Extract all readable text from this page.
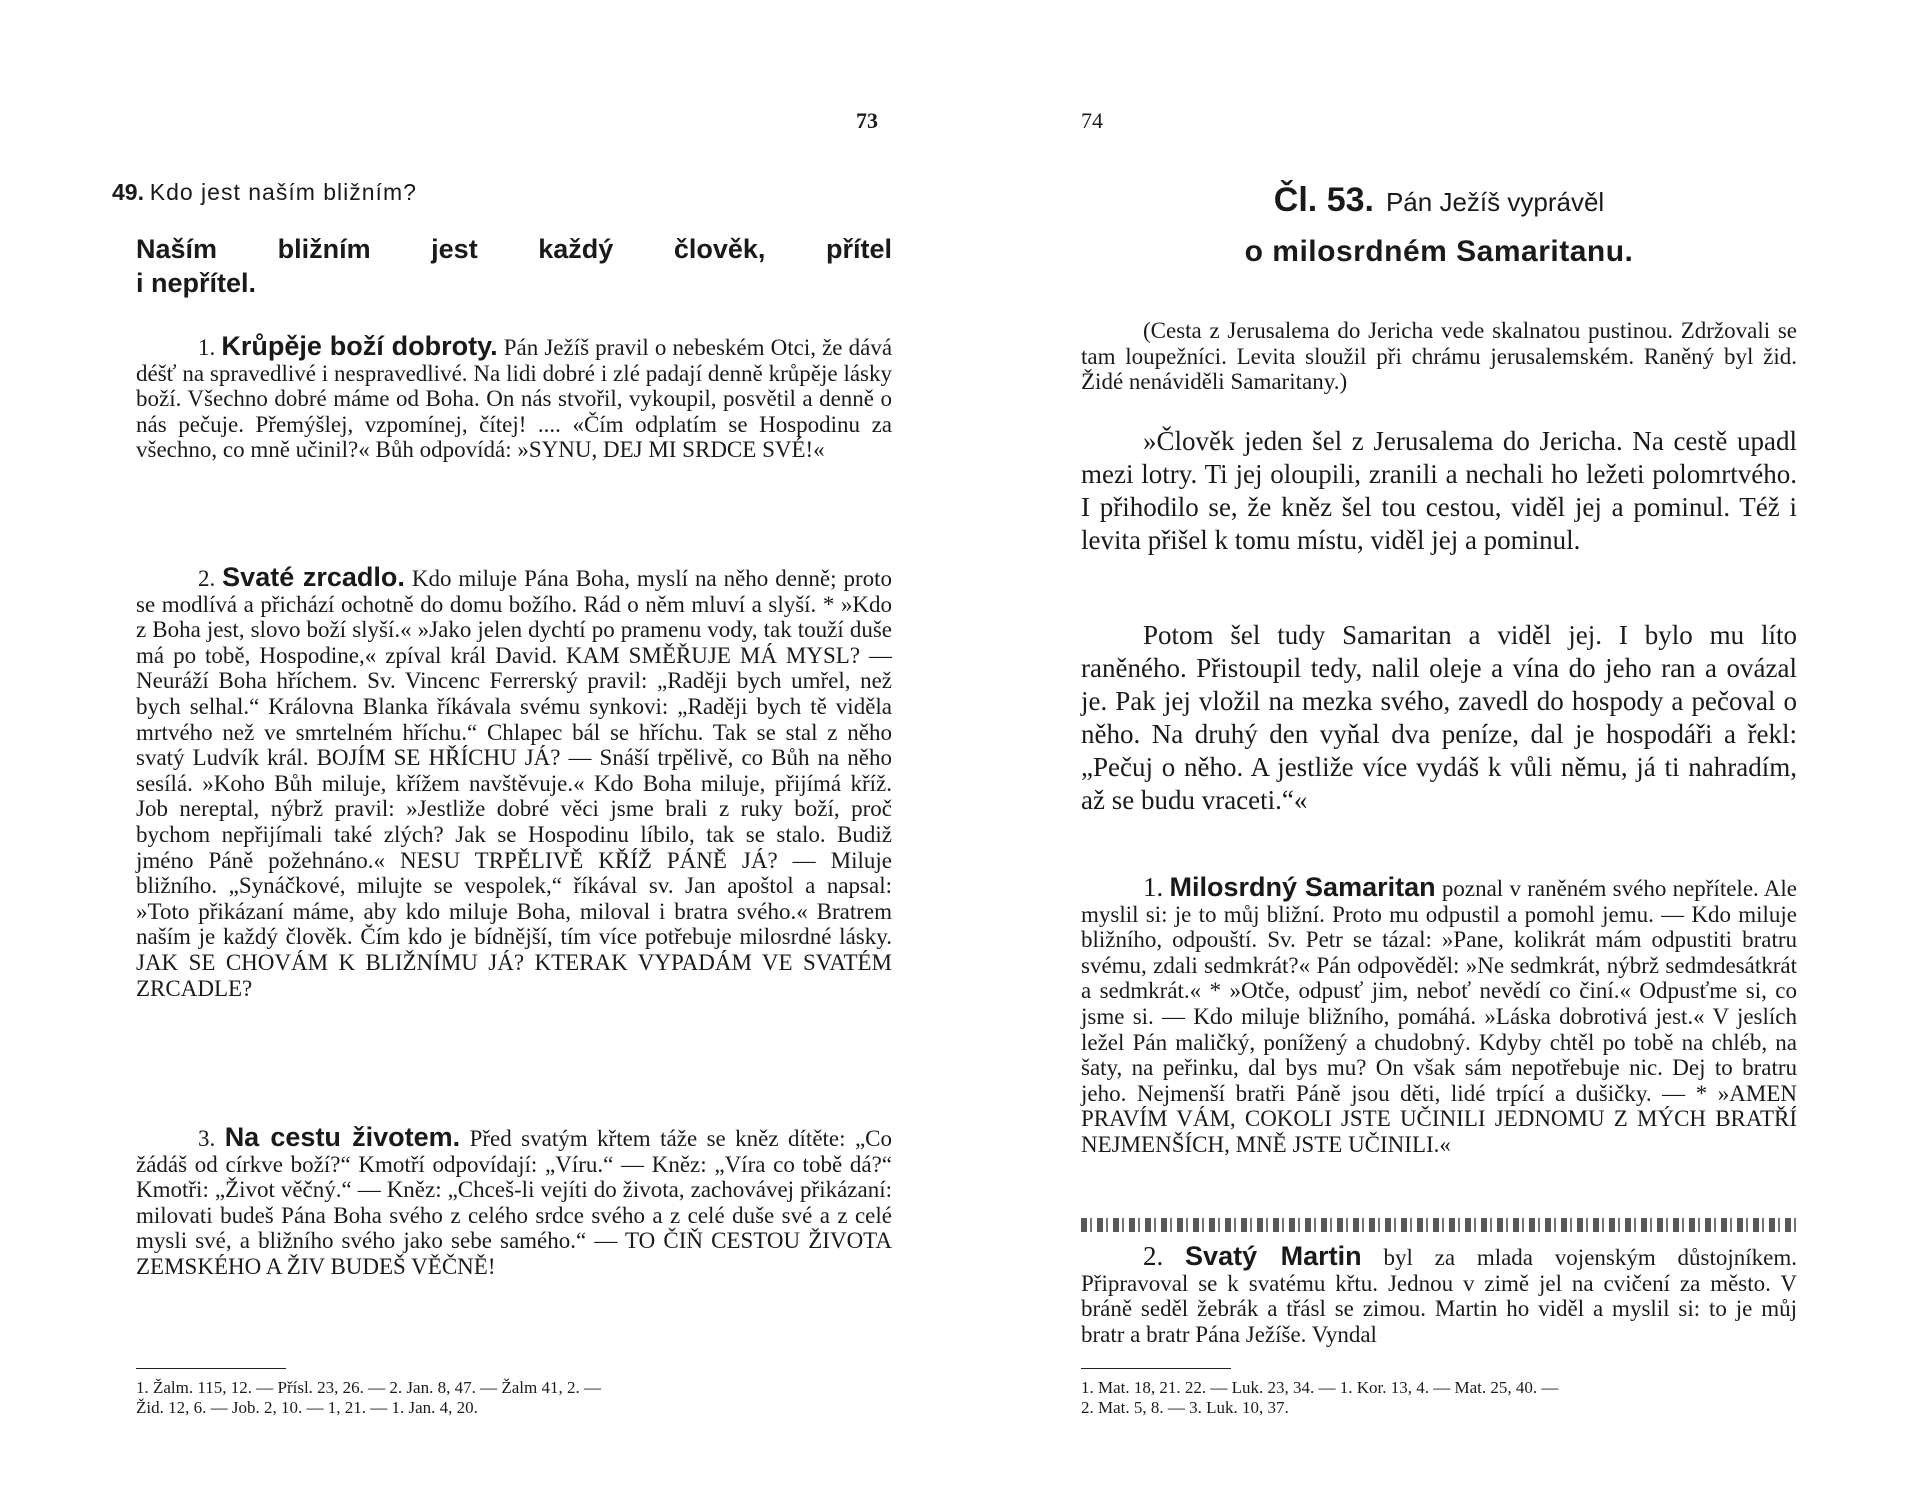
73

49. Kdo jest naším bližním?

Naším bližním jest každý člověk, přítel

i nepřítel.

1. Krůpěje boží dobroty. Pán Ježíš pravil o nebeském Otci, že dává déšť na spravedlivé i nespravedlivé. Na lidi dobré i zlé padají denně krůpěje lásky boží. Všechno dobré máme od Boha. On nás stvořil, vykoupil, posvětil a denně o nás pečuje. Přemýšlej, vzpomínej, čítej! .... «Čím odplatím se Hospodinu za všechno, co mně učinil?« Bůh odpovídá: »SYNU, DEJ MI SRDCE SVÉ!«

2. Svaté zrcadlo. Kdo miluje Pána Boha, myslí na něho denně; proto se modlívá a přichází ochotně do domu božího. Rád o něm mluví a slyší. * »Kdo z Boha jest, slovo boží slyší.« »Jako jelen dychtí po pramenu vody, tak touží duše má po tobě, Hospodine,« zpíval král David. KAM SMĚŘUJE MÁ MYSL? — Neuráží Boha hříchem. Sv. Vincenc Ferrerský pravil: „Raději bych umřel, než bych selhal.“ Královna Blanka říkávala svému synkovi: „Raději bych tě viděla mrtvého než ve smrtelném hříchu.“ Chlapec bál se hříchu. Tak se stal z něho svatý Ludvík král. BOJÍM SE HŘÍCHU JÁ? — Snáší trpělivě, co Bůh na něho sesílá. »Koho Bůh miluje, křížem navštěvuje.« Kdo Boha miluje, přijímá kříž. Job nereptal, nýbrž pravil: »Jestliže dobré věci jsme brali z ruky boží, proč bychom nepřijímali také zlých? Jak se Hospodinu líbilo, tak se stalo. Budiž jméno Páně požehnáno.« NESU TRPĚLIVĚ KŘÍŽ PÁNĚ JÁ? — Miluje bližního. „Synáčkové, milujte se vespolek,“ říkával sv. Jan apoštol a napsal: »Toto přikázaní máme, aby kdo miluje Boha, miloval i bratra svého.« Bratrem naším je každý člověk. Čím kdo je bídnější, tím více potřebuje milosrdné lásky. JAK SE CHOVÁM K BLIŽNÍMU JÁ? KTERAK VYPADÁM VE SVATÉM ZRCADLE?

3. Na cestu životem. Před svatým křtem táže se kněz dítěte: „Co žádáš od církve boží?“ Kmotří odpovídají: „Víru.“ — Kněz: „Víra co tobě dá?“ Kmotři: „Život věčný.“ — Kněz: „Chceš-li vejíti do života, zachovávej přikázaní: milovati budeš Pána Boha svého z celého srdce svého a z celé duše své a z celé mysli své, a bližního svého jako sebe samého.“ — TO ČIŇ CESTOU ŽIVOTA ZEMSKÉHO A ŽIV BUDEŠ VĚČNĚ!

1. Žalm. 115, 12. — Přísl. 23, 26. — 2. Jan. 8, 47. — Žalm 41, 2. —
Žid. 12, 6. — Job. 2, 10. — 1, 21. — 1. Jan. 4, 20.
74
Čl. 53. Pán Ježíš vyprávěl
o milosrdném Samaritanu.
(Cesta z Jerusalema do Jericha vede skalnatou pustinou. Zdržovali se tam loupežníci. Levita sloužil při chrámu jerusalemském. Raněný byl žid. Židé nenáviděli Samaritany.)
»Člověk jeden šel z Jerusalema do Jericha. Na cestě upadl mezi lotry. Ti jej oloupili, zranili a nechali ho ležeti polomrtvého. I přihodilo se, že kněz šel tou cestou, viděl jej a pominul. Též i levita přišel k tomu místu, viděl jej a pominul.
Potom šel tudy Samaritan a viděl jej. I bylo mu líto raněného. Přistoupil tedy, nalil oleje a vína do jeho ran a ovázal je. Pak jej vložil na mezka svého, zavedl do hospody a pečoval o něho. Na druhý den vyňal dva peníze, dal je hospodáři a řekl: „Pečuj o něho. A jestliže více vydáš k vůli němu, já ti nahradím, až se budu vraceti.“«

1. Milosrdný Samaritan poznal v raněném svého nepřítele. Ale myslil si: je to můj bližní. Proto mu odpustil a pomohl jemu. — Kdo miluje bližního, odpouští. Sv. Petr se tázal: »Pane, kolikrát mám odpustiti bratru svému, zdali sedmkrát?« Pán odpověděl: »Ne sedmkrát, nýbrž sedmdesátkrát a sedmkrát.« * »Otče, odpusť jim, neboť nevědí co činí.« Odpusťme si, co jsme si. — Kdo miluje bližního, pomáhá. »Láska dobrotivá jest.« V jeslích ležel Pán maličký, ponížený a chudobný. Kdyby chtěl po tobě na chléb, na šaty, na peřinku, dal bys mu? On však sám nepotřebuje nic. Dej to bratru jeho. Nejmenší bratři Páně jsou děti, lidé trpící a dušičky. — * »AMEN PRAVÍM VÁM, COKOLI JSTE UČINILI JEDNOMU Z MÝCH BRATŘÍ NEJMENŠÍCH, MNĚ JSTE UČINILI.«

2. Svatý Martin byl za mlada vojenským důstojníkem. Připravoval se k svatému křtu. Jednou v zimě jel na cvičení za město. V bráně seděl žebrák a třásl se zimou. Martin ho viděl a myslil si: to je můj bratr a bratr Pána Ježíše. Vyndal

1. Mat. 18, 21. 22. — Luk. 23, 34. — 1. Kor. 13, 4. — Mat. 25, 40. —
2. Mat. 5, 8. — 3. Luk. 10, 37.
